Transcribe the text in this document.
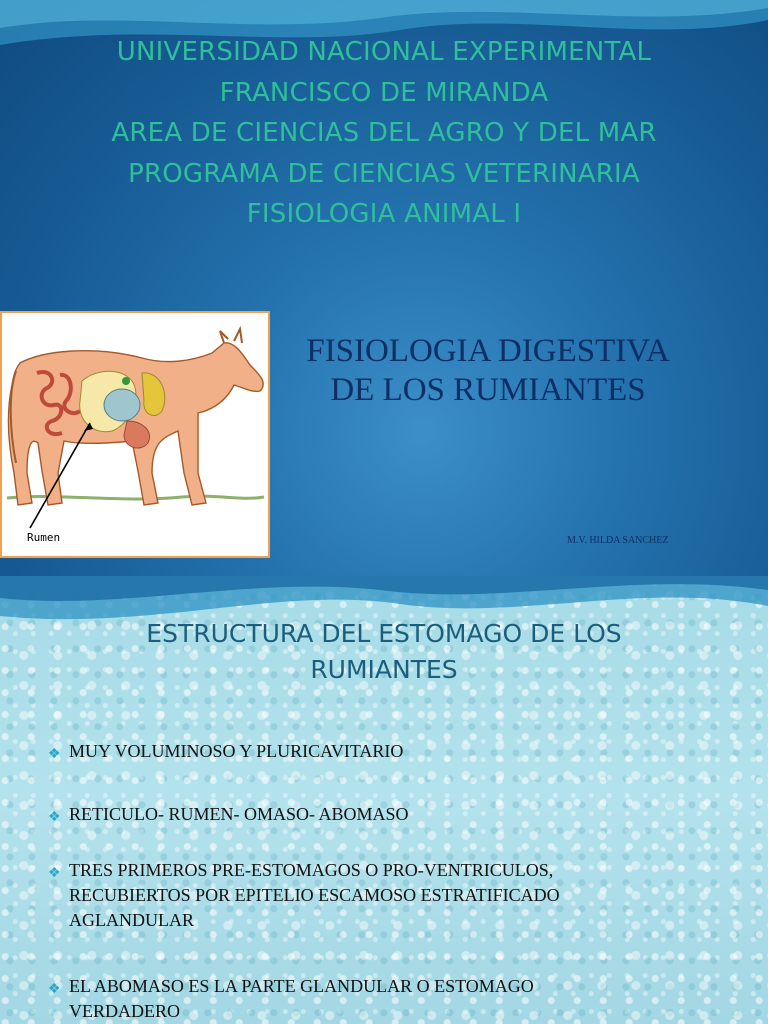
UNIVERSIDAD NACIONAL EXPERIMENTAL
FRANCISCO DE MIRANDA
AREA DE CIENCIAS DEL AGRO Y DEL MAR
PROGRAMA DE CIENCIAS VETERINARIA
FISIOLOGIA ANIMAL I
Rumen
FISIOLOGIA DIGESTIVA
DE LOS RUMIANTES
M.V. HILDA SANCHEZ
ESTRUCTURA DEL ESTOMAGO DE LOS
RUMIANTES
❖ MUY VOLUMINOSO Y PLURICAVITARIO
❖ RETICULO- RUMEN- OMASO- ABOMASO
❖ TRES PRIMEROS PRE-ESTOMAGOS O PRO-VENTRICULOS,
RECUBIERTOS POR EPITELIO ESCAMOSO ESTRATIFICADO
AGLANDULAR
❖ EL ABOMASO ES LA PARTE GLANDULAR O ESTOMAGO
VERDADERO
